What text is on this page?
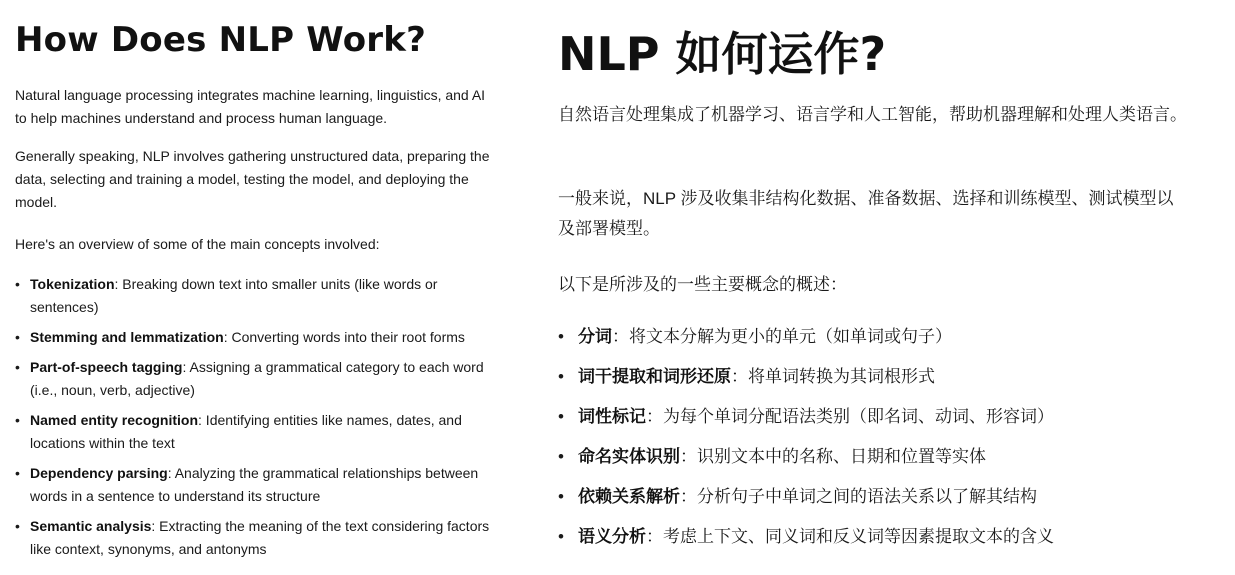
How Does NLP Work?

Natural language processing integrates machine learning, linguistics, and AI to help machines understand and process human language.

Generally speaking, NLP involves gathering unstructured data, preparing the data, selecting and training a model, testing the model, and deploying the model.

Here's an overview of some of the main concepts involved:

• Tokenization: Breaking down text into smaller units (like words or sentences)
• Stemming and lemmatization: Converting words into their root forms
• Part-of-speech tagging: Assigning a grammatical category to each word (i.e., noun, verb, adjective)
• Named entity recognition: Identifying entities like names, dates, and locations within the text
• Dependency parsing: Analyzing the grammatical relationships between words in a sentence to understand its structure
• Semantic analysis: Extracting the meaning of the text considering factors like context, synonyms, and antonyms
NLP 如何运作?

自然语言处理集成了机器学习、语言学和人工智能，帮助机器理解和处理人类语言。

一般来说，NLP 涉及收集非结构化数据、准备数据、选择和训练模型、测试模型以及部署模型。

以下是所涉及的一些主要概念的概述：

• 分词：将文本分解为更小的单元（如单词或句子）
• 词干提取和词形还原：将单词转换为其词根形式
• 词性标记：为每个单词分配语法类别（即名词、动词、形容词）
• 命名实体识别：识别文本中的名称、日期和位置等实体
• 依赖关系解析：分析句子中单词之间的语法关系以了解其结构
• 语义分析：考虑上下文、同义词和反义词等因素提取文本的含义
